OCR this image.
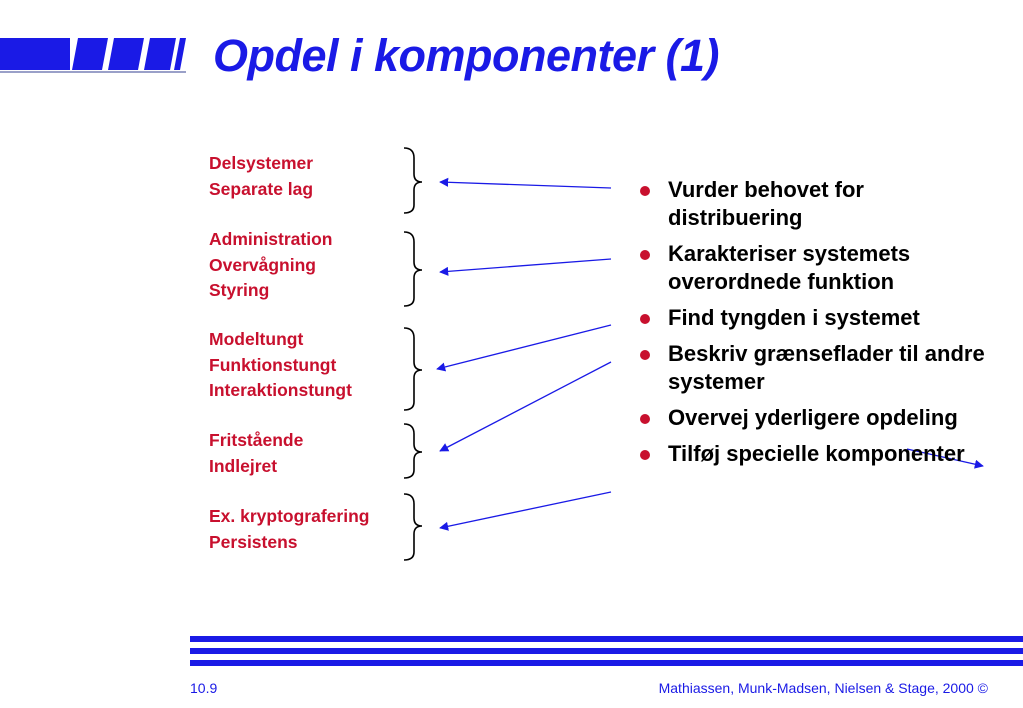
Opdel i komponenter (1)
Delsystemer
Separate lag
Administration
Overvågning
Styring
Modeltungt
Funktionstungt
Interaktionstungt
Fritstående
Indlejret
Ex. kryptografering
Persistens
Vurder behovet for distribuering
Karakteriser systemets overordnede funktion
Find tyngden i systemet
Beskriv grænseflader til andre systemer
Overvej yderligere opdeling
Tilføj specielle komponenter
10.9	Mathiassen, Munk-Madsen, Nielsen & Stage, 2000 ©
